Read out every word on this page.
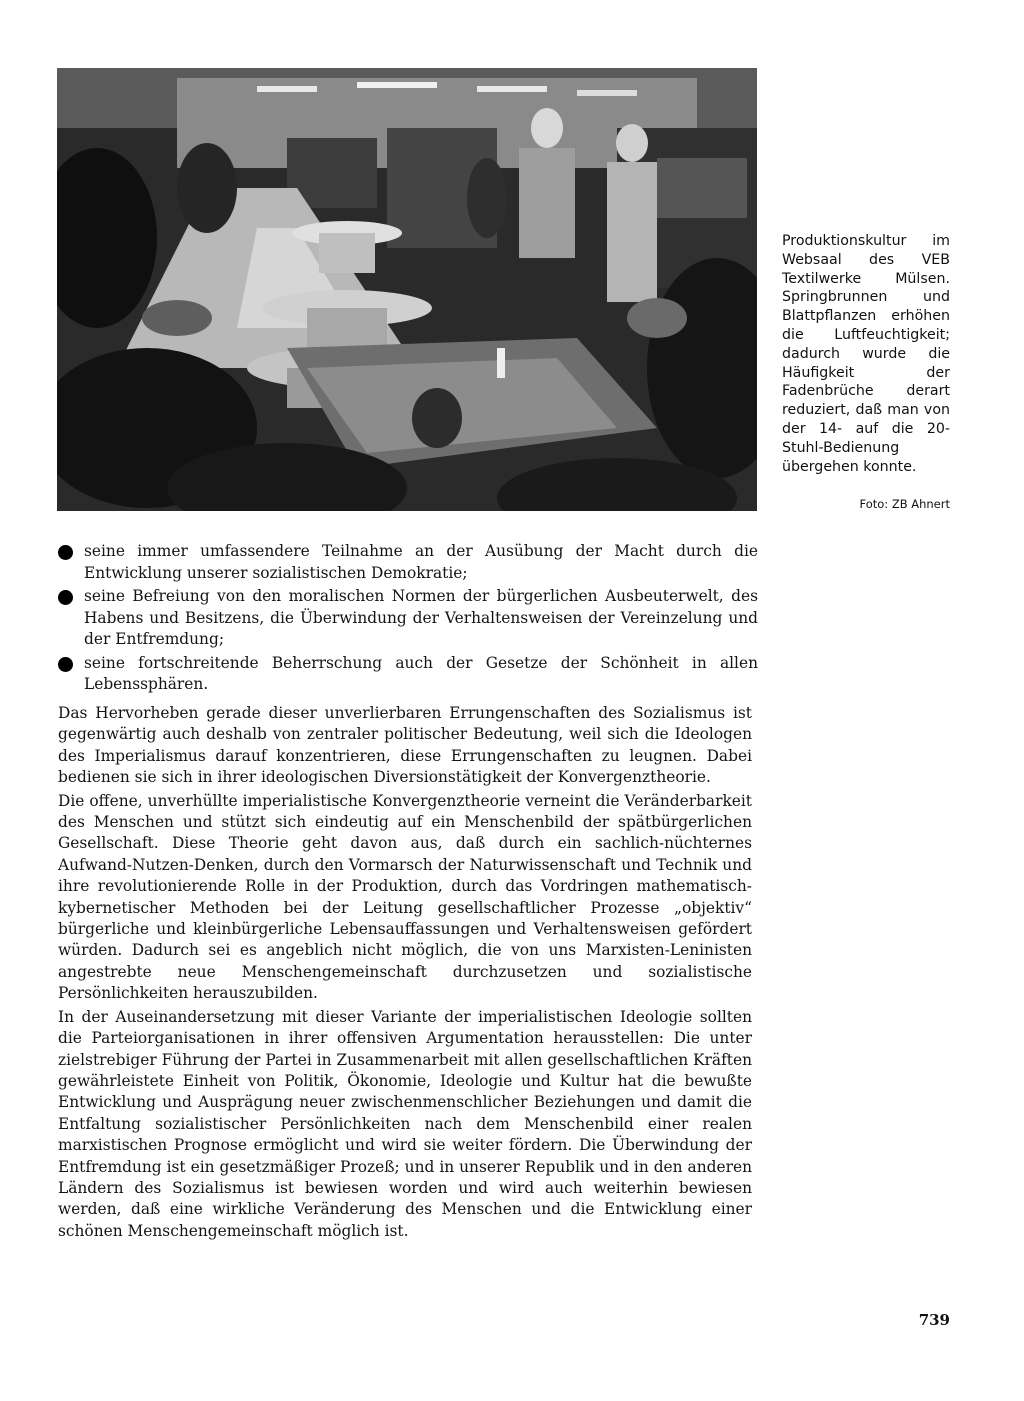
Produktionskultur im Websaal des VEB Textilwerke Mülsen. Springbrunnen und Blattpflanzen erhöhen die Luftfeuchtigkeit; dadurch wurde die Häufigkeit der Fadenbrüche derart reduziert, daß man von der 14- auf die 20-Stuhl-Bedienung übergehen konnte.
Foto: ZB Ahnert
seine immer umfassendere Teilnahme an der Ausübung der Macht durch die Entwicklung unserer sozialistischen Demokratie;
seine Befreiung von den moralischen Normen der bürgerlichen Ausbeuterwelt, des Habens und Besitzens, die Überwindung der Verhaltensweisen der Vereinzelung und der Entfremdung;
seine fortschreitende Beherrschung auch der Gesetze der Schönheit in allen Lebenssphären.

Das Hervorheben gerade dieser unverlierbaren Errungenschaften des Sozialismus ist gegenwärtig auch deshalb von zentraler politischer Bedeutung, weil sich die Ideologen des Imperialismus darauf konzentrieren, diese Errungenschaften zu leugnen. Dabei bedienen sie sich in ihrer ideologischen Diversionstätigkeit der Konvergenztheorie.

Die offene, unverhüllte imperialistische Konvergenztheorie verneint die Veränderbarkeit des Menschen und stützt sich eindeutig auf ein Menschenbild der spätbürgerlichen Gesellschaft. Diese Theorie geht davon aus, daß durch ein sachlich-nüchternes Aufwand-Nutzen-Denken, durch den Vormarsch der Naturwissenschaft und Technik und ihre revolutionierende Rolle in der Produktion, durch das Vordringen mathematisch-kybernetischer Methoden bei der Leitung gesellschaftlicher Prozesse „objektiv“ bürgerliche und kleinbürgerliche Lebensauffassungen und Verhaltensweisen gefördert würden. Dadurch sei es angeblich nicht möglich, die von uns Marxisten-Leninisten angestrebte neue Menschengemeinschaft durchzusetzen und sozialistische Persönlichkeiten herauszubilden.

In der Auseinandersetzung mit dieser Variante der imperialistischen Ideologie sollten die Parteiorganisationen in ihrer offensiven Argumentation herausstellen: Die unter zielstrebiger Führung der Partei in Zusammenarbeit mit allen gesellschaftlichen Kräften gewährleistete Einheit von Politik, Ökonomie, Ideologie und Kultur hat die bewußte Entwicklung und Ausprägung neuer zwischenmenschlicher Beziehungen und damit die Entfaltung sozialistischer Persönlichkeiten nach dem Menschenbild einer realen marxistischen Prognose ermöglicht und wird sie weiter fördern. Die Überwindung der Entfremdung ist ein gesetzmäßiger Prozeß; und in unserer Republik und in den anderen Ländern des Sozialismus ist bewiesen worden und wird auch weiterhin bewiesen werden, daß eine wirkliche Veränderung des Menschen und die Entwicklung einer schönen Menschengemeinschaft möglich ist.

739
